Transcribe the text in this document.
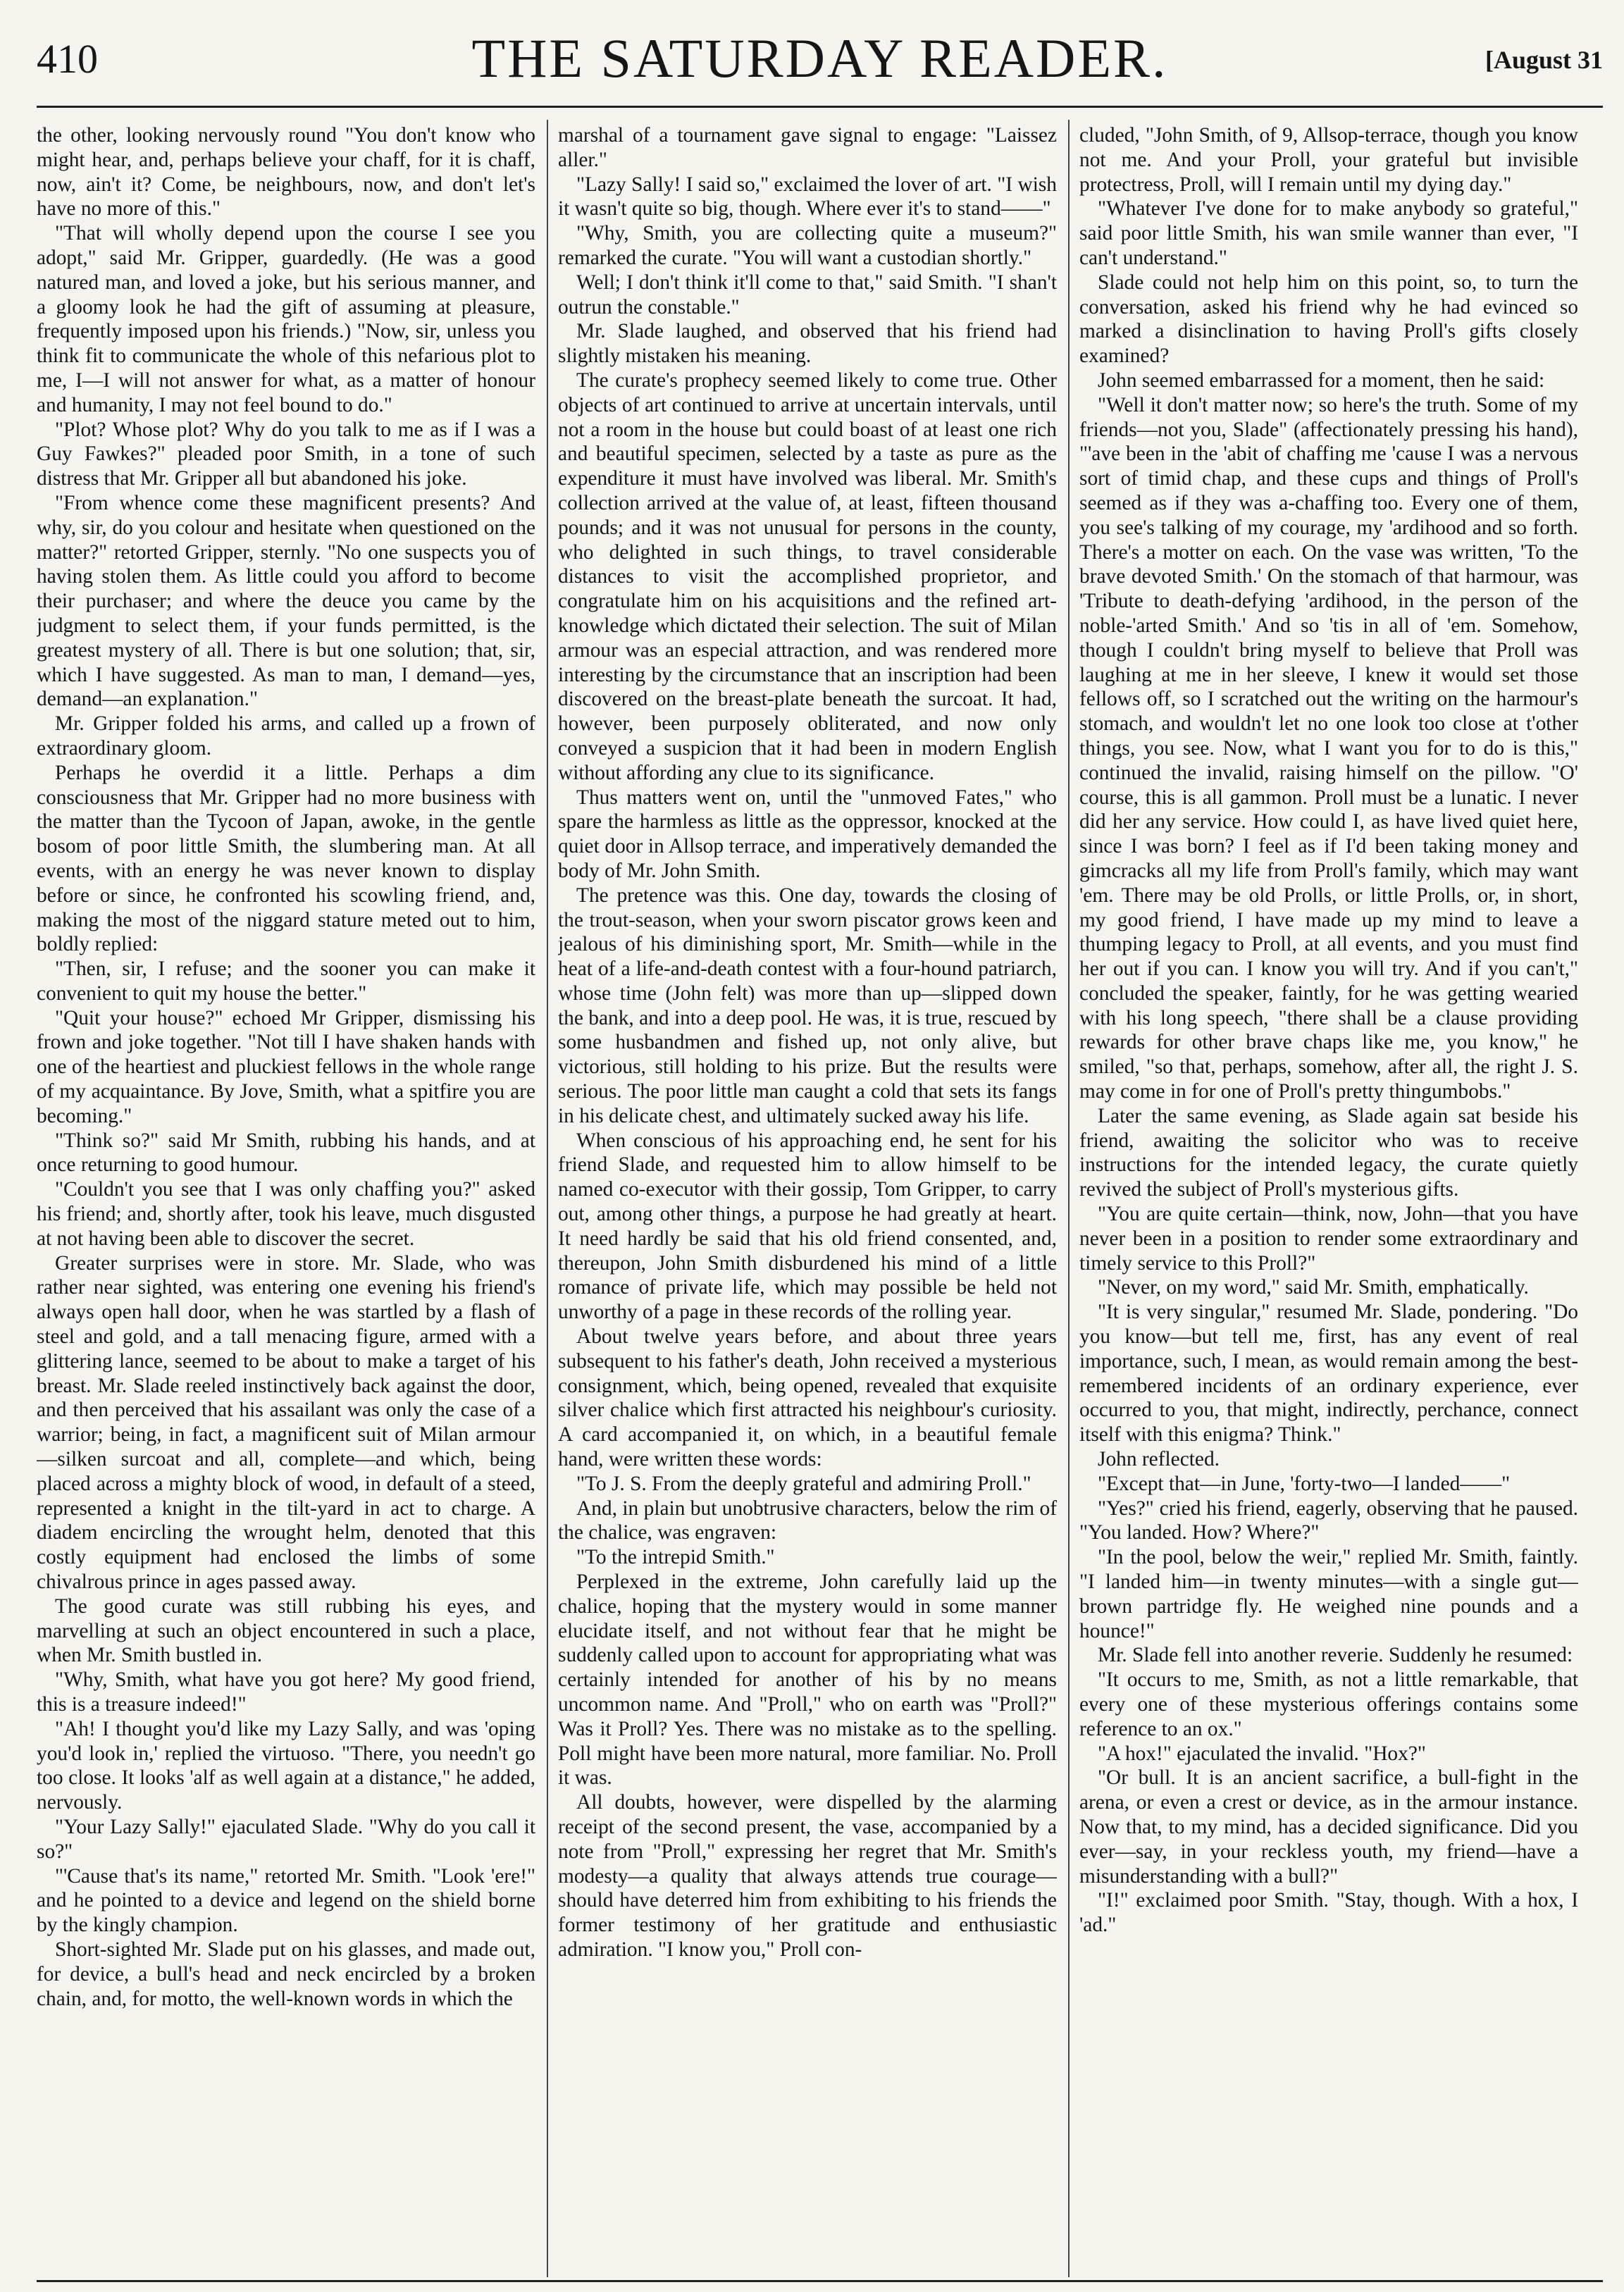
410	THE SATURDAY READER.	[August 31

the other, looking nervously round "You don't know who might hear, and, perhaps believe your chaff, for it is chaff, now, ain't it? Come, be neighbours, now, and don't let's have no more of this."

"That will wholly depend upon the course I see you adopt," said Mr. Gripper, guardedly. (He was a good natured man, and loved a joke, but his serious manner, and a gloomy look he had the gift of assuming at pleasure, frequently imposed upon his friends.) "Now, sir, unless you think fit to communicate the whole of this nefarious plot to me, I—I will not answer for what, as a matter of honour and humanity, I may not feel bound to do."

"Plot? Whose plot? Why do you talk to me as if I was a Guy Fawkes?" pleaded poor Smith, in a tone of such distress that Mr. Gripper all but abandoned his joke.

"From whence come these magnificent presents? And why, sir, do you colour and hesitate when questioned on the matter?" retorted Gripper, sternly. "No one suspects you of having stolen them. As little could you afford to become their purchaser; and where the deuce you came by the judgment to select them, if your funds permitted, is the greatest mystery of all. There is but one solution; that, sir, which I have suggested. As man to man, I demand—yes, demand—an explanation."

Mr. Gripper folded his arms, and called up a frown of extraordinary gloom.

Perhaps he overdid it a little. Perhaps a dim consciousness that Mr. Gripper had no more business with the matter than the Tycoon of Japan, awoke, in the gentle bosom of poor little Smith, the slumbering man. At all events, with an energy he was never known to display before or since, he confronted his scowling friend, and, making the most of the niggard stature meted out to him, boldly replied:

"Then, sir, I refuse; and the sooner you can make it convenient to quit my house the better."

"Quit your house?" echoed Mr Gripper, dismissing his frown and joke together. "Not till I have shaken hands with one of the heartiest and pluckiest fellows in the whole range of my acquaintance. By Jove, Smith, what a spitfire you are becoming."

"Think so?" said Mr Smith, rubbing his hands, and at once returning to good humour.

"Couldn't you see that I was only chaffing you?" asked his friend; and, shortly after, took his leave, much disgusted at not having been able to discover the secret.

Greater surprises were in store. Mr. Slade, who was rather near sighted, was entering one evening his friend's always open hall door, when he was startled by a flash of steel and gold, and a tall menacing figure, armed with a glittering lance, seemed to be about to make a target of his breast. Mr. Slade reeled instinctively back against the door, and then perceived that his assailant was only the case of a warrior; being, in fact, a magnificent suit of Milan armour—silken surcoat and all, complete—and which, being placed across a mighty block of wood, in default of a steed, represented a knight in the tilt-yard in act to charge. A diadem encircling the wrought helm, denoted that this costly equipment had enclosed the limbs of some chivalrous prince in ages passed away.

The good curate was still rubbing his eyes, and marvelling at such an object encountered in such a place, when Mr. Smith bustled in.

"Why, Smith, what have you got here? My good friend, this is a treasure indeed!"

"Ah! I thought you'd like my Lazy Sally, and was 'oping you'd look in,' replied the virtuoso. "There, you needn't go too close. It looks 'alf as well again at a distance," he added, nervously.

"Your Lazy Sally!" ejaculated Slade. "Why do you call it so?"

"'Cause that's its name," retorted Mr. Smith. "Look 'ere!" and he pointed to a device and legend on the shield borne by the kingly champion.

Short-sighted Mr. Slade put on his glasses, and made out, for device, a bull's head and neck encircled by a broken chain, and, for motto, the well-known words in which the

marshal of a tournament gave signal to engage: "Laissez aller."

"Lazy Sally! I said so," exclaimed the lover of art. "I wish it wasn't quite so big, though. Where ever it's to stand——"

"Why, Smith, you are collecting quite a museum?" remarked the curate. "You will want a custodian shortly."

Well; I don't think it'll come to that," said Smith. "I shan't outrun the constable."

Mr. Slade laughed, and observed that his friend had slightly mistaken his meaning.

The curate's prophecy seemed likely to come true. Other objects of art continued to arrive at uncertain intervals, until not a room in the house but could boast of at least one rich and beautiful specimen, selected by a taste as pure as the expenditure it must have involved was liberal. Mr. Smith's collection arrived at the value of, at least, fifteen thousand pounds; and it was not unusual for persons in the county, who delighted in such things, to travel considerable distances to visit the accomplished proprietor, and congratulate him on his acquisitions and the refined art-knowledge which dictated their selection. The suit of Milan armour was an especial attraction, and was rendered more interesting by the circumstance that an inscription had been discovered on the breast-plate beneath the surcoat. It had, however, been purposely obliterated, and now only conveyed a suspicion that it had been in modern English without affording any clue to its significance.

Thus matters went on, until the "unmoved Fates," who spare the harmless as little as the oppressor, knocked at the quiet door in Allsop terrace, and imperatively demanded the body of Mr. John Smith.

The pretence was this. One day, towards the closing of the trout-season, when your sworn piscator grows keen and jealous of his diminishing sport, Mr. Smith—while in the heat of a life-and-death contest with a four-hound patriarch, whose time (John felt) was more than up—slipped down the bank, and into a deep pool. He was, it is true, rescued by some husbandmen and fished up, not only alive, but victorious, still holding to his prize. But the results were serious. The poor little man caught a cold that sets its fangs in his delicate chest, and ultimately sucked away his life.

When conscious of his approaching end, he sent for his friend Slade, and requested him to allow himself to be named co-executor with their gossip, Tom Gripper, to carry out, among other things, a purpose he had greatly at heart. It need hardly be said that his old friend consented, and, thereupon, John Smith disburdened his mind of a little romance of private life, which may possible be held not unworthy of a page in these records of the rolling year.

About twelve years before, and about three years subsequent to his father's death, John received a mysterious consignment, which, being opened, revealed that exquisite silver chalice which first attracted his neighbour's curiosity. A card accompanied it, on which, in a beautiful female hand, were written these words:

"To J. S. From the deeply grateful and admiring Proll."

And, in plain but unobtrusive characters, below the rim of the chalice, was engraven:

"To the intrepid Smith."

Perplexed in the extreme, John carefully laid up the chalice, hoping that the mystery would in some manner elucidate itself, and not without fear that he might be suddenly called upon to account for appropriating what was certainly intended for another of his by no means uncommon name. And "Proll," who on earth was "Proll?" Was it Proll? Yes. There was no mistake as to the spelling. Poll might have been more natural, more familiar. No. Proll it was.

All doubts, however, were dispelled by the alarming receipt of the second present, the vase, accompanied by a note from "Proll," expressing her regret that Mr. Smith's modesty—a quality that always attends true courage—should have deterred him from exhibiting to his friends the former testimony of her gratitude and enthusiastic admiration. "I know you," Proll con-

cluded, "John Smith, of 9, Allsop-terrace, though you know not me. And your Proll, your grateful but invisible protectress, Proll, will I remain until my dying day."

"Whatever I've done for to make anybody so grateful," said poor little Smith, his wan smile wanner than ever, "I can't understand."

Slade could not help him on this point, so, to turn the conversation, asked his friend why he had evinced so marked a disinclination to having Proll's gifts closely examined?

John seemed embarrassed for a moment, then he said:

"Well it don't matter now; so here's the truth. Some of my friends—not you, Slade" (affectionately pressing his hand), "'ave been in the 'abit of chaffing me 'cause I was a nervous sort of timid chap, and these cups and things of Proll's seemed as if they was a-chaffing too. Every one of them, you see's talking of my courage, my 'ardihood and so forth. There's a motter on each. On the vase was written, 'To the brave devoted Smith.' On the stomach of that harmour, was 'Tribute to death-defying 'ardihood, in the person of the noble-'arted Smith.' And so 'tis in all of 'em. Somehow, though I couldn't bring myself to believe that Proll was laughing at me in her sleeve, I knew it would set those fellows off, so I scratched out the writing on the harmour's stomach, and wouldn't let no one look too close at t'other things, you see. Now, what I want you for to do is this," continued the invalid, raising himself on the pillow. "O' course, this is all gammon. Proll must be a lunatic. I never did her any service. How could I, as have lived quiet here, since I was born? I feel as if I'd been taking money and gimcracks all my life from Proll's family, which may want 'em. There may be old Prolls, or little Prolls, or, in short, my good friend, I have made up my mind to leave a thumping legacy to Proll, at all events, and you must find her out if you can. I know you will try. And if you can't," concluded the speaker, faintly, for he was getting wearied with his long speech, "there shall be a clause providing rewards for other brave chaps like me, you know," he smiled, "so that, perhaps, somehow, after all, the right J. S. may come in for one of Proll's pretty thingumbobs."

Later the same evening, as Slade again sat beside his friend, awaiting the solicitor who was to receive instructions for the intended legacy, the curate quietly revived the subject of Proll's mysterious gifts.

"You are quite certain—think, now, John—that you have never been in a position to render some extraordinary and timely service to this Proll?"

"Never, on my word," said Mr. Smith, emphatically.

"It is very singular," resumed Mr. Slade, pondering. "Do you know—but tell me, first, has any event of real importance, such, I mean, as would remain among the best-remembered incidents of an ordinary experience, ever occurred to you, that might, indirectly, perchance, connect itself with this enigma? Think."

John reflected.

"Except that—in June, 'forty-two—I landed——"

"Yes?" cried his friend, eagerly, observing that he paused. "You landed. How? Where?"

"In the pool, below the weir," replied Mr. Smith, faintly. "I landed him—in twenty minutes—with a single gut—brown partridge fly. He weighed nine pounds and a hounce!"

Mr. Slade fell into another reverie. Suddenly he resumed:

"It occurs to me, Smith, as not a little remarkable, that every one of these mysterious offerings contains some reference to an ox."

"A hox!" ejaculated the invalid. "Hox?"

"Or bull. It is an ancient sacrifice, a bull-fight in the arena, or even a crest or device, as in the armour instance. Now that, to my mind, has a decided significance. Did you ever—say, in your reckless youth, my friend—have a misunderstanding with a bull?"

"I!" exclaimed poor Smith. "Stay, though. With a hox, I 'ad."
